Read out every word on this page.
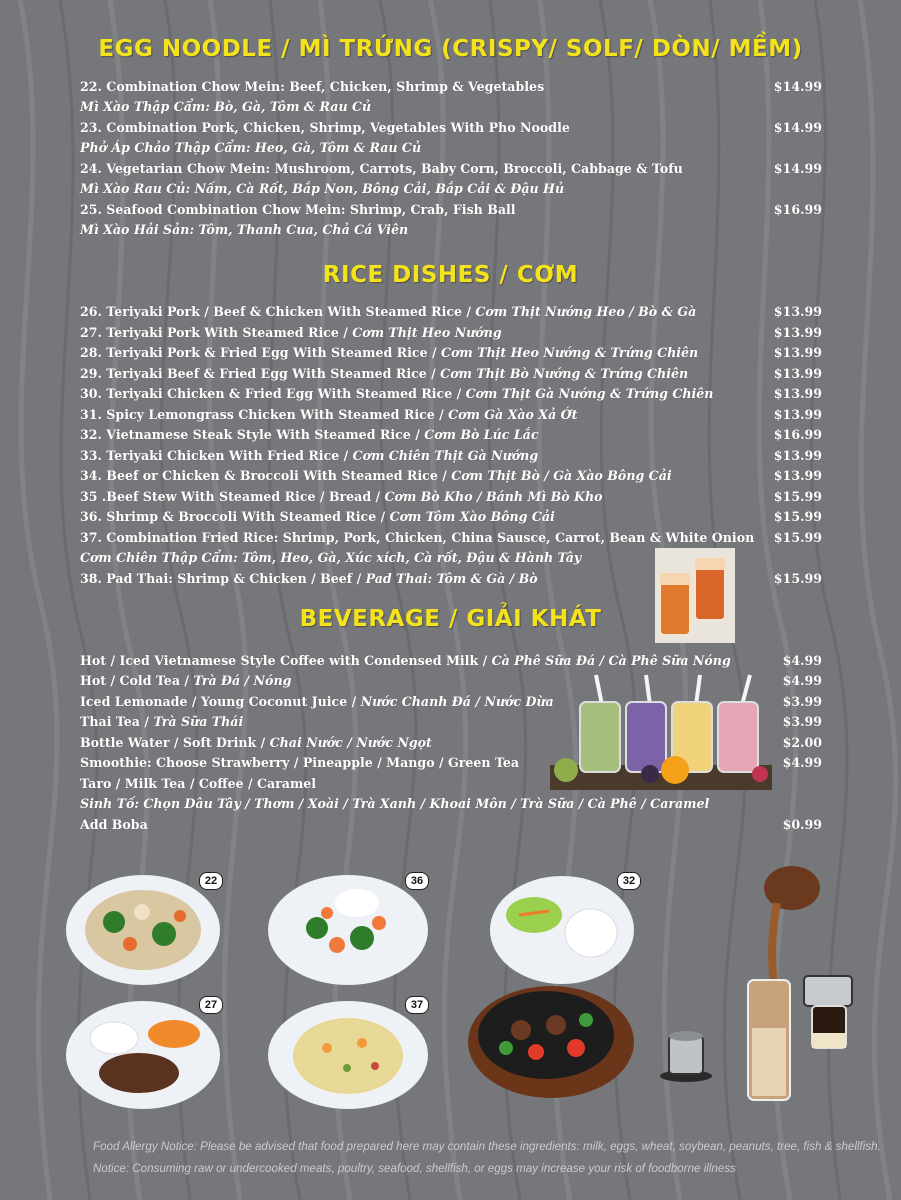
EGG NOODLE / MÌ TRỨNG (CRISPY/ SOLF/ DÒN/ MỀM)
RICE DISHES / CƠM
BEVERAGE / GIẢI KHÁT
22. Combination Chow Mein: Beef, Chicken, Shrimp & Vegetables	$14.99
Mì Xào Thập Cẩm: Bò, Gà, Tôm & Rau Củ
23. Combination Pork, Chicken, Shrimp, Vegetables With Pho Noodle	$14.99
Phở Áp Chảo Thập Cẩm: Heo, Gà, Tôm & Rau Củ
24. Vegetarian Chow Mein: Mushroom, Carrots, Baby Corn, Broccoli, Cabbage & Tofu	$14.99
Mì Xào Rau Củ: Nấm, Cà Rốt, Bắp Non, Bông Cải, Bắp Cải & Đậu Hủ
25. Seafood Combination Chow Mein: Shrimp, Crab, Fish Ball	$16.99
Mì Xào Hải Sản: Tôm, Thanh Cua, Chả Cá Viên
26. Teriyaki Pork / Beef & Chicken With Steamed Rice / Cơm Thịt Nướng Heo / Bò & Gà	$13.99
27. Teriyaki Pork With Steamed Rice / Cơm Thịt Heo Nướng	$13.99
28. Teriyaki Pork & Fried Egg With Steamed Rice / Cơm Thịt Heo Nướng & Trứng Chiên	$13.99
29. Teriyaki Beef & Fried Egg With Steamed Rice / Cơm Thịt Bò Nướng & Trứng Chiên	$13.99
30. Teriyaki Chicken & Fried Egg With Steamed Rice / Cơm Thịt Gà Nướng & Trứng Chiên	$13.99
31. Spicy Lemongrass Chicken With Steamed Rice / Cơm Gà Xào Xả Ớt	$13.99
32. Vietnamese Steak Style With Steamed Rice / Cơm Bò Lúc Lắc	$16.99
33. Teriyaki Chicken With Fried Rice / Cơm Chiên Thịt Gà Nướng	$13.99
34. Beef or Chicken & Broccoli With Steamed Rice / Cơm Thịt Bò / Gà Xào Bông Cải	$13.99
35 .Beef Stew With Steamed Rice / Bread / Cơm Bò Kho / Bánh Mì Bò Kho	$15.99
36. Shrimp & Broccoli With Steamed Rice / Cơm Tôm Xào Bông Cải	$15.99
37. Combination Fried Rice: Shrimp, Pork, Chicken, China Sausce, Carrot, Bean & White Onion $15.99
Cơm Chiên Thập Cẩm: Tôm, Heo, Gà, Xúc xích, Cà rốt, Đậu & Hành Tây
38. Pad Thai: Shrimp & Chicken / Beef / Pad Thai: Tôm & Gà / Bò	$15.99
Hot / Iced Vietnamese Style Coffee with Condensed Milk / Cà Phê Sữa Đá / Cà Phê Sữa Nóng	$4.99
Hot / Cold Tea / Trà Đá / Nóng	$4.99
Iced Lemonade / Young Coconut Juice / Nước Chanh Đá / Nước Dừa	$3.99
Thai Tea / Trà Sữa Thái	$3.99
Bottle Water / Soft Drink / Chai Nước / Nước Ngọt	$2.00
Smoothie: Choose Strawberry / Pineapple / Mango / Green Tea	$4.99
Taro / Milk Tea / Coffee / Caramel
Sinh Tố: Chọn Dâu Tây / Thơm / Xoài / Trà Xanh / Khoai Môn / Trà Sữa / Cà Phê / Caramel
Add Boba	$0.99
22	36	32
27	37
Food Allergy Notice: Please be advised that food prepared here may contain these ingredients: milk, eggs, wheat, soybean, peanuts, tree, fish & shellfish.
Notice: Consuming raw or undercooked meats, poultry, seafood, shellfish, or eggs may increase your risk of foodborne illness
